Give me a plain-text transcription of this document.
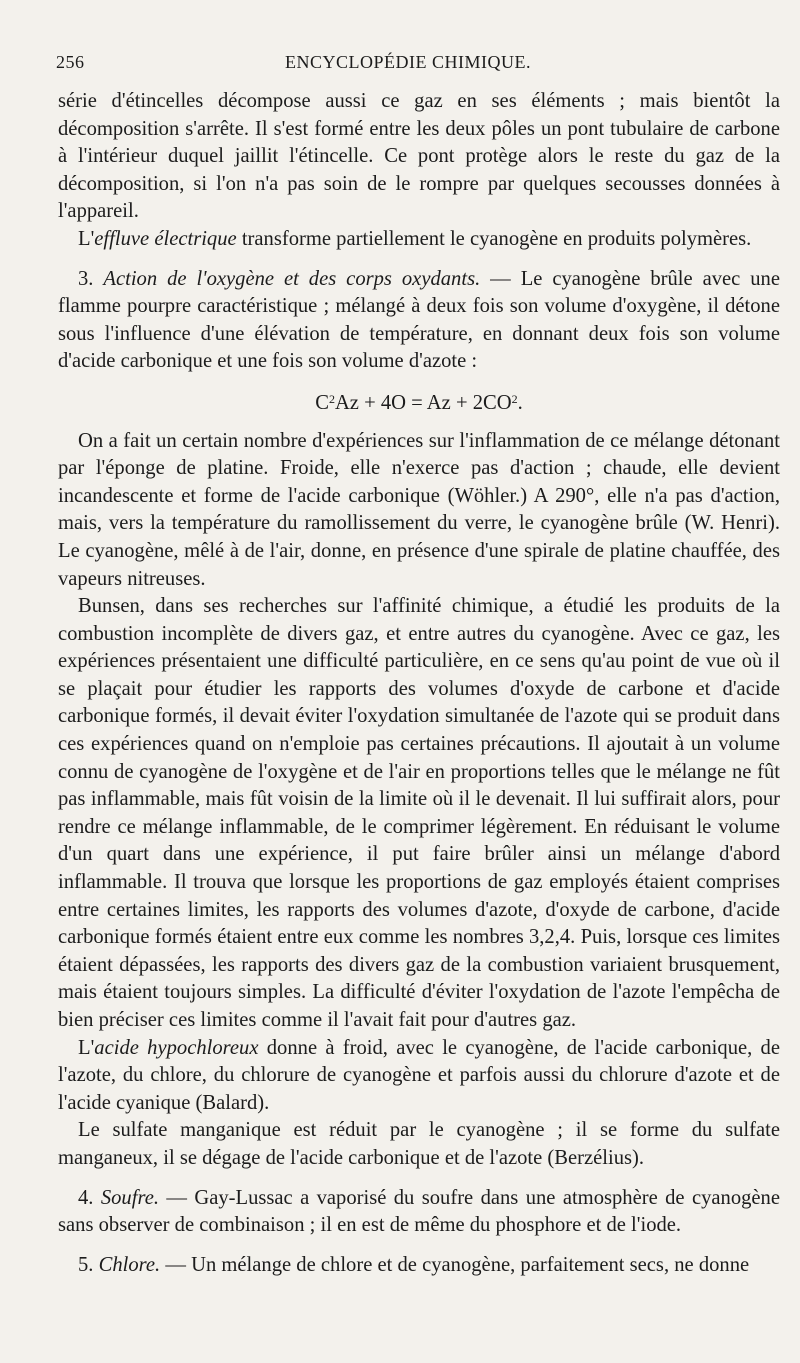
256	ENCYCLOPÉDIE CHIMIQUE.

série d'étincelles décompose aussi ce gaz en ses éléments ; mais bientôt la décomposition s'arrête. Il s'est formé entre les deux pôles un pont tubulaire de carbone à l'intérieur duquel jaillit l'étincelle. Ce pont protège alors le reste du gaz de la décomposition, si l'on n'a pas soin de le rompre par quelques secousses données à l'appareil.

L'effluve électrique transforme partiellement le cyanogène en produits polymères.

3. Action de l'oxygène et des corps oxydants. — Le cyanogène brûle avec une flamme pourpre caractéristique ; mélangé à deux fois son volume d'oxygène, il détone sous l'influence d'une élévation de température, en donnant deux fois son volume d'acide carbonique et une fois son volume d'azote :

$C^2Az + 4O = Az + 2CO^2$.

On a fait un certain nombre d'expériences sur l'inflammation de ce mélange détonant par l'éponge de platine. Froide, elle n'exerce pas d'action ; chaude, elle devient incandescente et forme de l'acide carbonique (Wöhler.) A 290°, elle n'a pas d'action, mais, vers la température du ramollissement du verre, le cyanogène brûle (W. Henri). Le cyanogène, mêlé à de l'air, donne, en présence d'une spirale de platine chauffée, des vapeurs nitreuses.

Bunsen, dans ses recherches sur l'affinité chimique, a étudié les produits de la combustion incomplète de divers gaz, et entre autres du cyanogène. Avec ce gaz, les expériences présentaient une difficulté particulière, en ce sens qu'au point de vue où il se plaçait pour étudier les rapports des volumes d'oxyde de carbone et d'acide carbonique formés, il devait éviter l'oxydation simultanée de l'azote qui se produit dans ces expériences quand on n'emploie pas certaines précautions. Il ajoutait à un volume connu de cyanogène de l'oxygène et de l'air en proportions telles que le mélange ne fût pas inflammable, mais fût voisin de la limite où il le devenait. Il lui suffirait alors, pour rendre ce mélange inflammable, de le comprimer légèrement. En réduisant le volume d'un quart dans une expérience, il put faire brûler ainsi un mélange d'abord inflammable. Il trouva que lorsque les proportions de gaz employés étaient comprises entre certaines limites, les rapports des volumes d'azote, d'oxyde de carbone, d'acide carbonique formés étaient entre eux comme les nombres 3,2,4. Puis, lorsque ces limites étaient dépassées, les rapports des divers gaz de la combustion variaient brusquement, mais étaient toujours simples. La difficulté d'éviter l'oxydation de l'azote l'empêcha de bien préciser ces limites comme il l'avait fait pour d'autres gaz.

L'acide hypochloreux donne à froid, avec le cyanogène, de l'acide carbonique, de l'azote, du chlore, du chlorure de cyanogène et parfois aussi du chlorure d'azote et de l'acide cyanique (Balard).

Le sulfate manganique est réduit par le cyanogène ; il se forme du sulfate manganeux, il se dégage de l'acide carbonique et de l'azote (Berzélius).

4. Soufre. — Gay-Lussac a vaporisé du soufre dans une atmosphère de cyanogène sans observer de combinaison ; il en est de même du phosphore et de l'iode.

5. Chlore. — Un mélange de chlore et de cyanogène, parfaitement secs, ne donne
